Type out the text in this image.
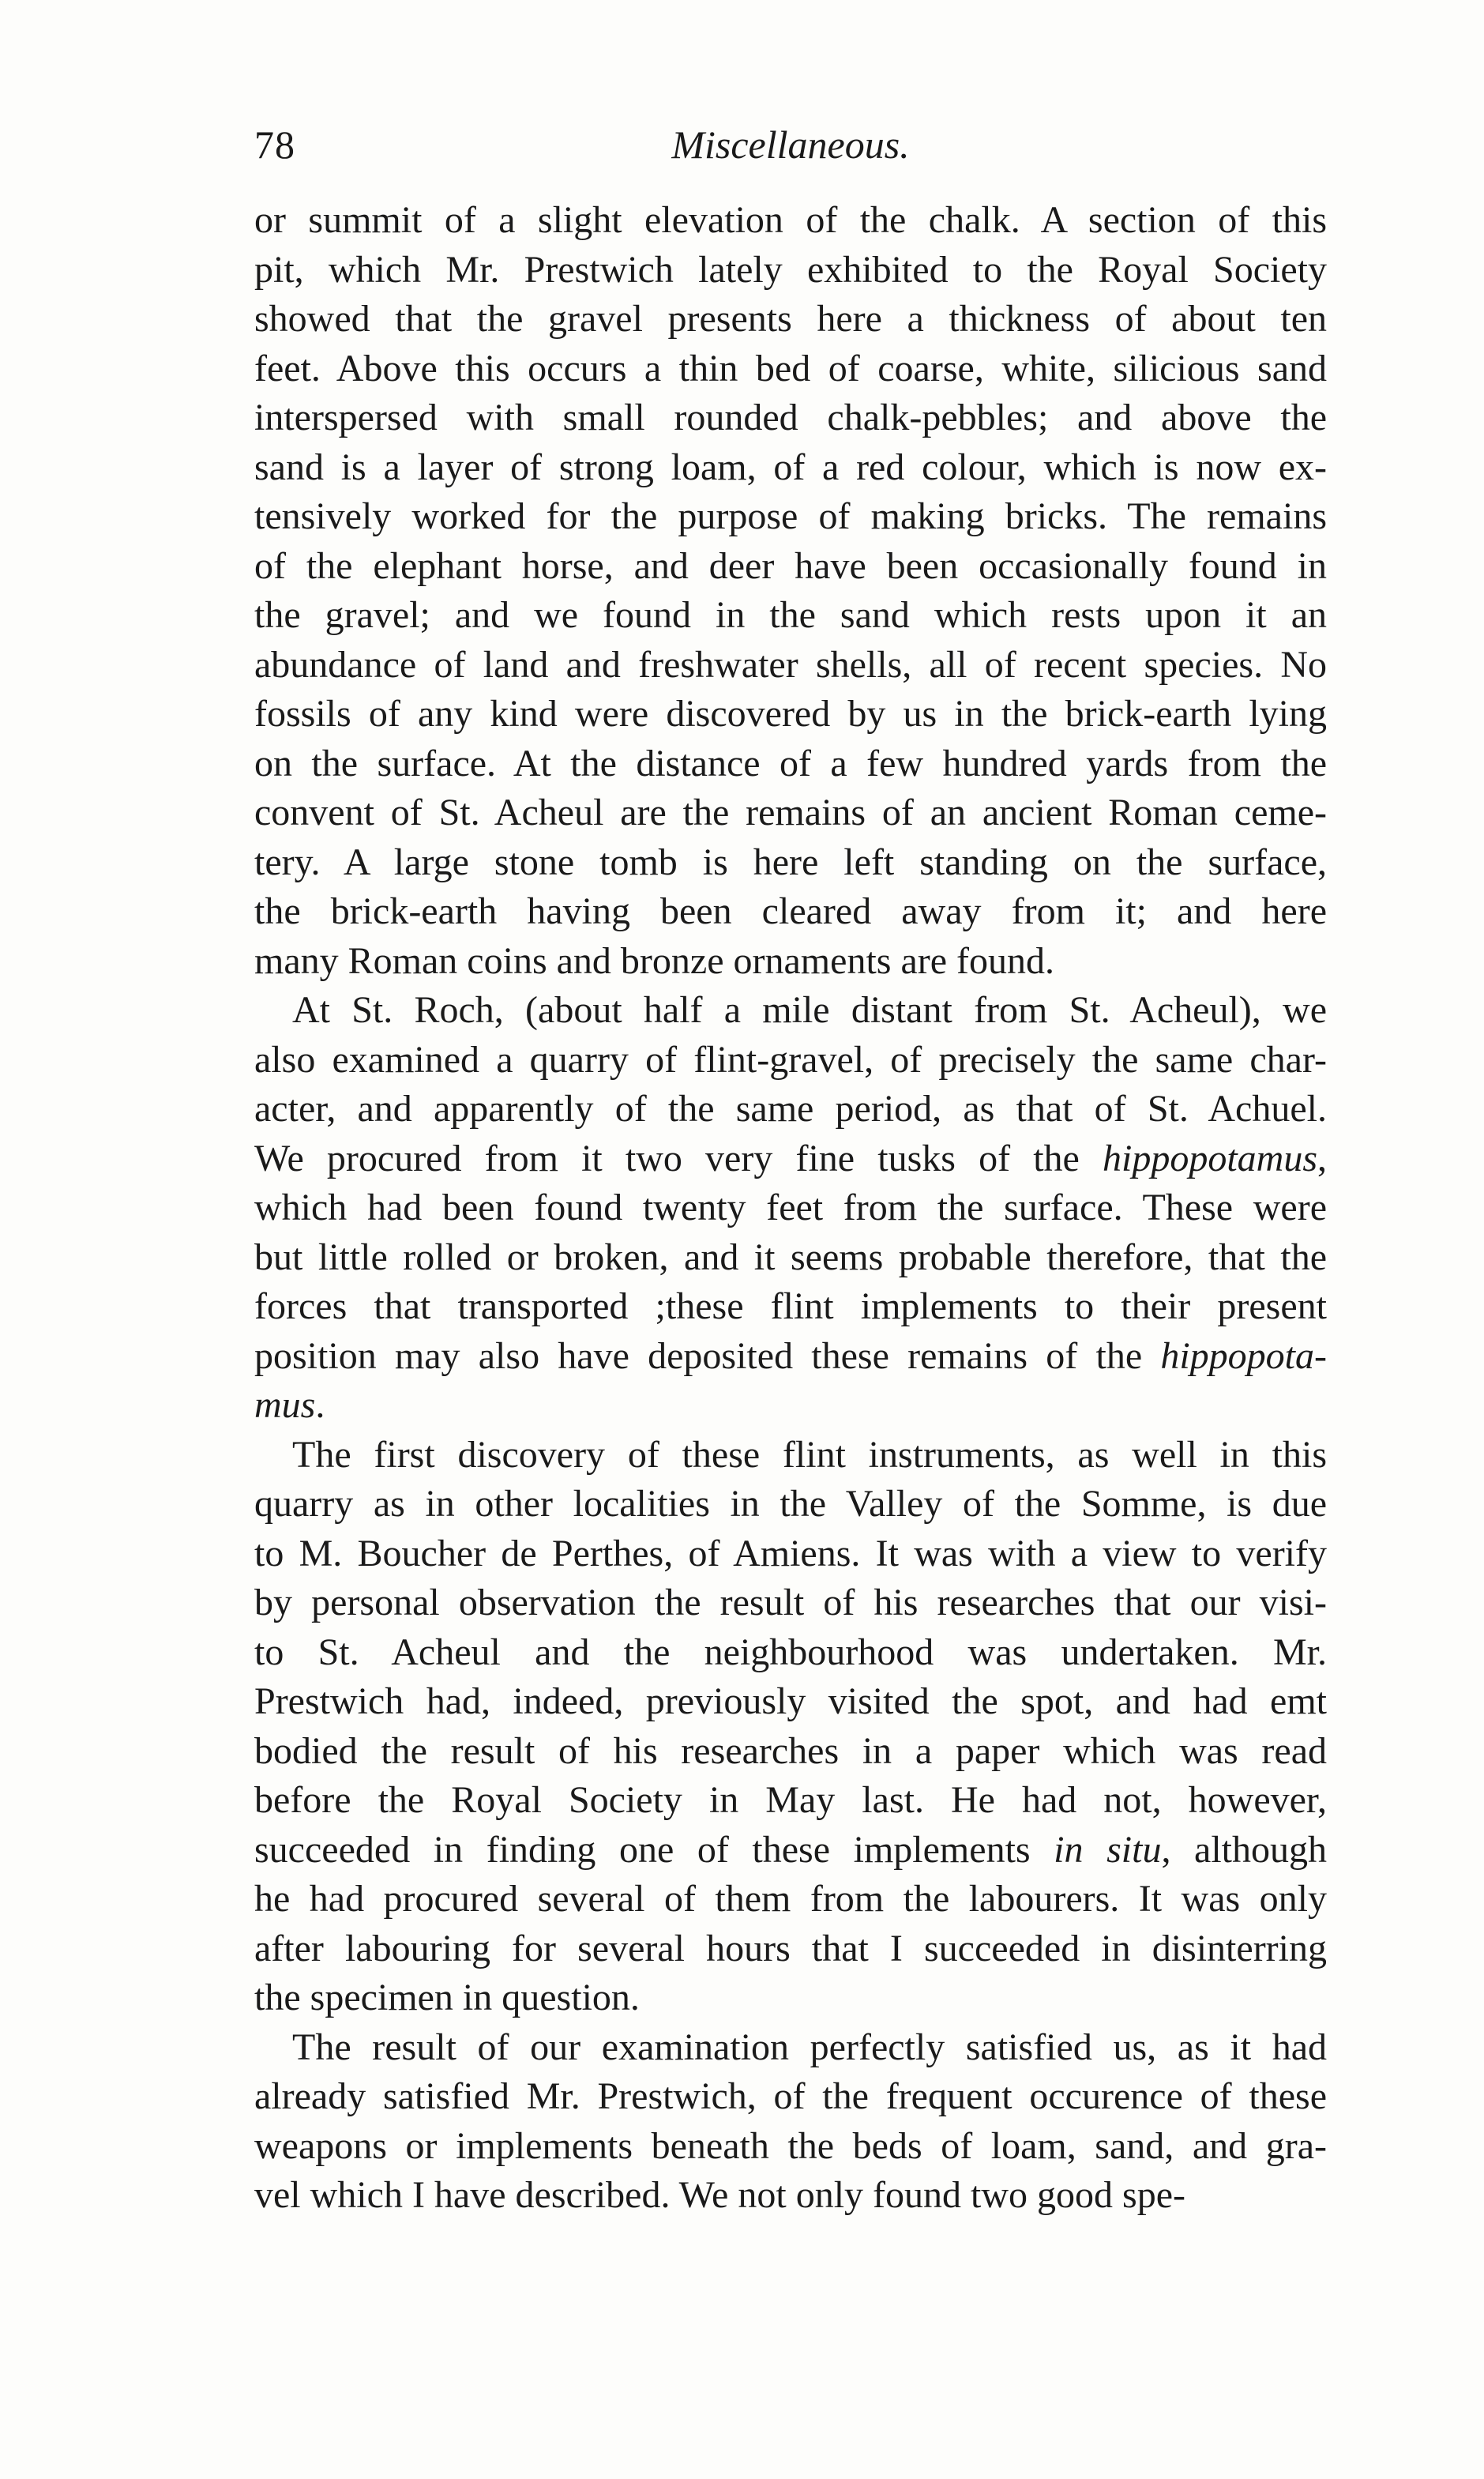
78	Miscellaneous.
or summit of a slight elevation of the chalk. A section of this
pit, which Mr. Prestwich lately exhibited to the Royal Society
showed that the gravel presents here a thickness of about ten
feet. Above this occurs a thin bed of coarse, white, silicious sand
interspersed with small rounded chalk-pebbles; and above the
sand is a layer of strong loam, of a red colour, which is now ex-
tensively worked for the purpose of making bricks. The remains
of the elephant horse, and deer have been occasionally found in
the gravel; and we found in the sand which rests upon it an
abundance of land and freshwater shells, all of recent species. No
fossils of any kind were discovered by us in the brick-earth lying
on the surface. At the distance of a few hundred yards from the
convent of St. Acheul are the remains of an ancient Roman ceme-
tery. A large stone tomb is here left standing on the surface,
the brick-earth having been cleared away from it; and here
many Roman coins and bronze ornaments are found.
At St. Roch, (about half a mile distant from St. Acheul), we
also examined a quarry of flint-gravel, of precisely the same char-
acter, and apparently of the same period, as that of St. Achuel.
We procured from it two very fine tusks of the hippopotamus,
which had been found twenty feet from the surface. These were
but little rolled or broken, and it seems probable therefore, that the
forces that transported ;these flint implements to their present
position may also have deposited these remains of the hippopota-
mus.
The first discovery of these flint instruments, as well in this
quarry as in other localities in the Valley of the Somme, is due
to M. Boucher de Perthes, of Amiens. It was with a view to verify
by personal observation the result of his researches that our visi-
to St. Acheul and the neighbourhood was undertaken. Mr.
Prestwich had, indeed, previously visited the spot, and had emt
bodied the result of his researches in a paper which was read
before the Royal Society in May last. He had not, however,
succeeded in finding one of these implements in situ, although
he had procured several of them from the labourers. It was only
after labouring for several hours that I succeeded in disinterring
the specimen in question.
The result of our examination perfectly satisfied us, as it had
already satisfied Mr. Prestwich, of the frequent occurence of these
weapons or implements beneath the beds of loam, sand, and gra-
vel which I have described. We not only found two good spe-
